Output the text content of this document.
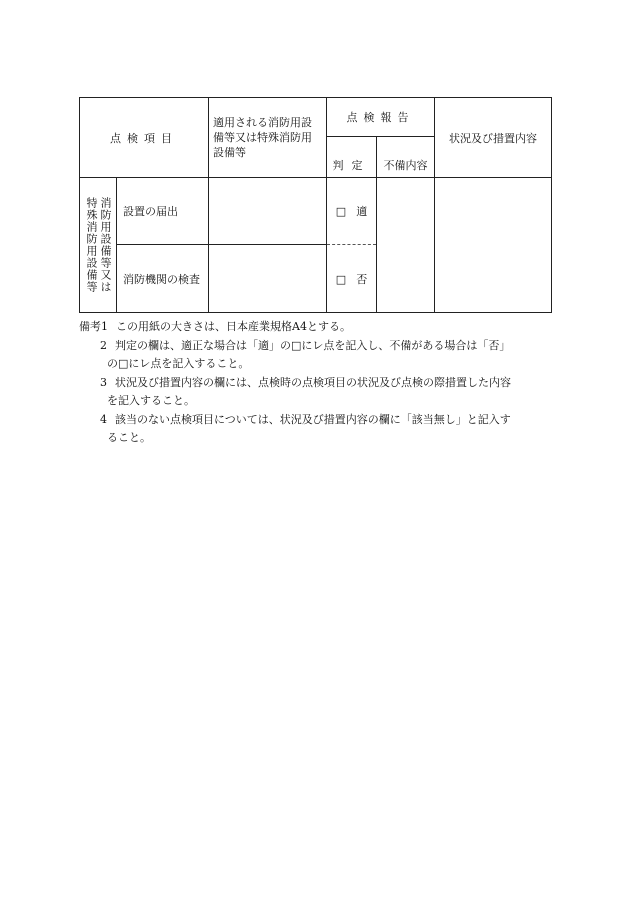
点検項目		適用される消防用設備等又は特殊消防用設備等	点検報告		状況及び措置内容
			判定	不備内容	

特殊消防用設備等 消防用設備等又は	設置の届出		□ 適		
	消防機関の検査		□ 否		
備考1 この用紙の大きさは、日本産業規格A4とする。
2 判定の欄は、適正な場合は「適」の□にレ点を記入し、不備がある場合は「否」
の□にレ点を記入すること。
3 状況及び措置内容の欄には、点検時の点検項目の状況及び点検の際措置した内容
を記入すること。
4 該当のない点検項目については、状況及び措置内容の欄に「該当無し」と記入す
ること。
